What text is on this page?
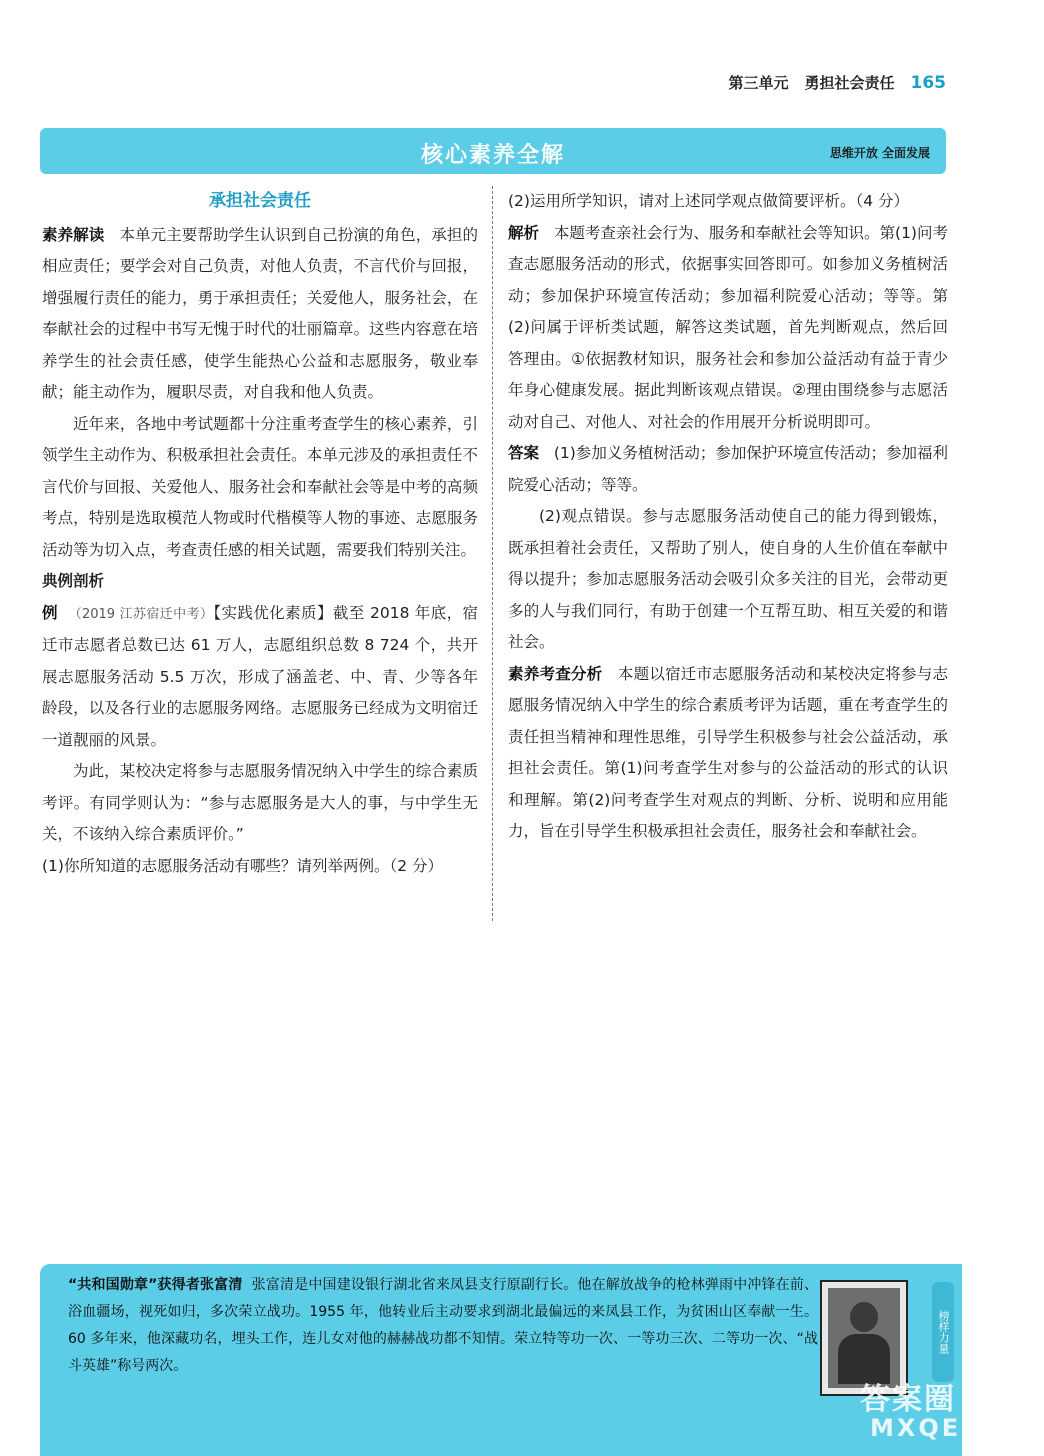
第三单元 勇担社会责任 165
核心素养全解	思维开放 全面发展
承担社会责任

素养解读 本单元主要帮助学生认识到自己扮演的角色，承担的相应责任；要学会对自己负责，对他人负责，不言代价与回报，增强履行责任的能力，勇于承担责任；关爱他人，服务社会，在奉献社会的过程中书写无愧于时代的壮丽篇章。这些内容意在培养学生的社会责任感，使学生能热心公益和志愿服务，敬业奉献；能主动作为，履职尽责，对自我和他人负责。

近年来，各地中考试题都十分注重考查学生的核心素养，引领学生主动作为、积极承担社会责任。本单元涉及的承担责任不言代价与回报、关爱他人、服务社会和奉献社会等是中考的高频考点，特别是选取模范人物或时代楷模等人物的事迹、志愿服务活动等为切入点，考查责任感的相关试题，需要我们特别关注。

典例剖析

例 （2019 江苏宿迁中考）【实践优化素质】截至 2018 年底，宿迁市志愿者总数已达 61 万人，志愿组织总数 8 724 个，共开展志愿服务活动 5.5 万次，形成了涵盖老、中、青、少等各年龄段，以及各行业的志愿服务网络。志愿服务已经成为文明宿迁一道靓丽的风景。

为此，某校决定将参与志愿服务情况纳入中学生的综合素质考评。有同学则认为：“参与志愿服务是大人的事，与中学生无关，不该纳入综合素质评价。”

(1)你所知道的志愿服务活动有哪些？请列举两例。（2 分）

(2)运用所学知识，请对上述同学观点做简要评析。（4 分）

解析 本题考查亲社会行为、服务和奉献社会等知识。第(1)问考查志愿服务活动的形式，依据事实回答即可。如参加义务植树活动；参加保护环境宣传活动；参加福利院爱心活动；等等。第(2)问属于评析类试题，解答这类试题，首先判断观点，然后回答理由。①依据教材知识，服务社会和参加公益活动有益于青少年身心健康发展。据此判断该观点错误。②理由围绕参与志愿活动对自己、对他人、对社会的作用展开分析说明即可。

答案 (1)参加义务植树活动；参加保护环境宣传活动；参加福利院爱心活动；等等。

(2)观点错误。参与志愿服务活动使自己的能力得到锻炼，既承担着社会责任，又帮助了别人，使自身的人生价值在奉献中得以提升；参加志愿服务活动会吸引众多关注的目光，会带动更多的人与我们同行，有助于创建一个互帮互助、相互关爱的和谐社会。

素养考查分析 本题以宿迁市志愿服务活动和某校决定将参与志愿服务情况纳入中学生的综合素质考评为话题，重在考查学生的责任担当精神和理性思维，引导学生积极参与社会公益活动，承担社会责任。第(1)问考查学生对参与的公益活动的形式的认识和理解。第(2)问考查学生对观点的判断、分析、说明和应用能力，旨在引导学生积极承担社会责任，服务社会和奉献社会。

“共和国勋章”获得者张富清 张富清是中国建设银行湖北省来凤县支行原副行长。他在解放战争的枪林弹雨中冲锋在前、浴血疆场，视死如归，多次荣立战功。1955 年，他转业后主动要求到湖北最偏远的来凤县工作，为贫困山区奉献一生。60 多年来，他深藏功名，埋头工作，连儿女对他的赫赫战功都不知情。荣立特等功一次、一等功三次、二等功一次、“战斗英雄”称号两次。
榜样力量
答案圈
MXQE.COM
